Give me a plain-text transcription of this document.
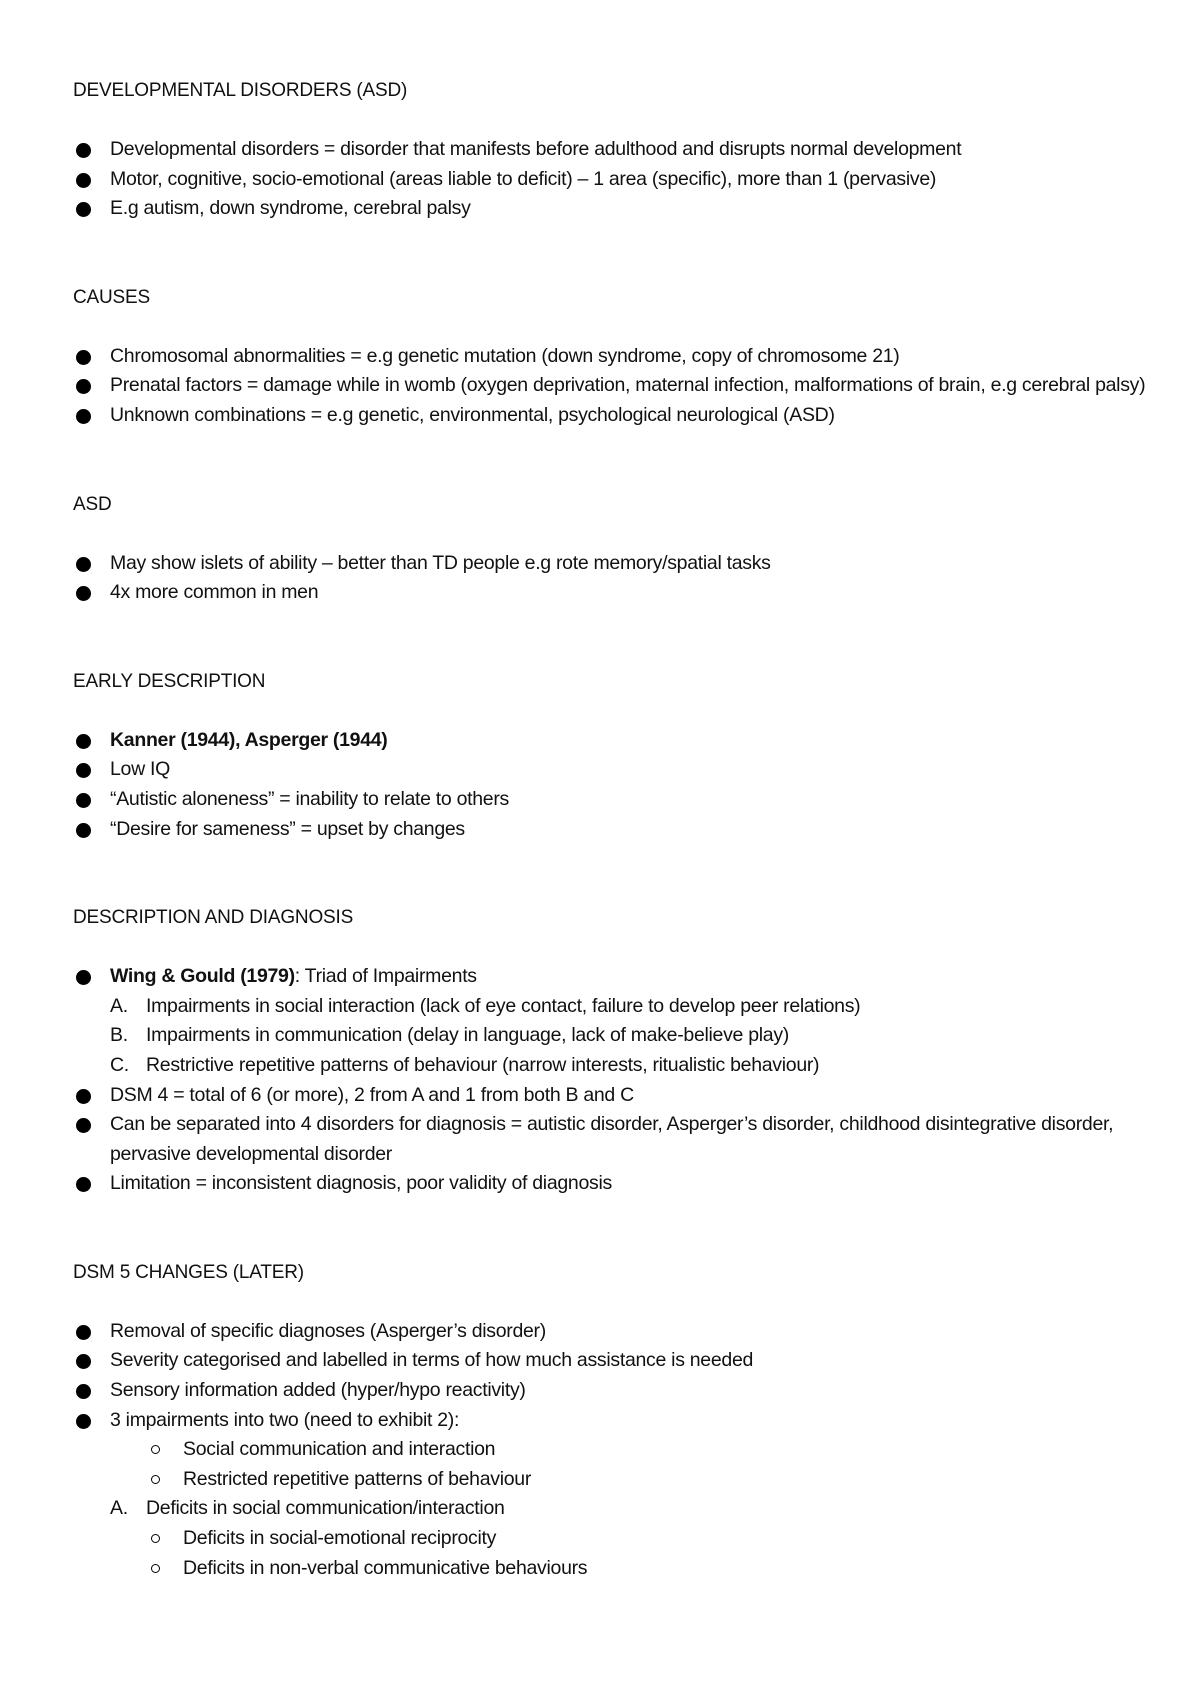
DEVELOPMENTAL DISORDERS (ASD)
Developmental disorders = disorder that manifests before adulthood and disrupts normal development
Motor, cognitive, socio-emotional (areas liable to deficit) – 1 area (specific), more than 1 (pervasive)
E.g autism, down syndrome, cerebral palsy
CAUSES
Chromosomal abnormalities = e.g genetic mutation (down syndrome, copy of chromosome 21)
Prenatal factors = damage while in womb (oxygen deprivation, maternal infection, malformations of brain, e.g cerebral palsy)
Unknown combinations = e.g genetic, environmental, psychological neurological (ASD)
ASD
May show islets of ability – better than TD people e.g rote memory/spatial tasks
4x more common in men
EARLY DESCRIPTION
Kanner (1944), Asperger (1944)
Low IQ
“Autistic aloneness” = inability to relate to others
“Desire for sameness” = upset by changes
DESCRIPTION AND DIAGNOSIS
Wing & Gould (1979): Triad of Impairments
A. Impairments in social interaction (lack of eye contact, failure to develop peer relations)
B. Impairments in communication (delay in language, lack of make-believe play)
C. Restrictive repetitive patterns of behaviour (narrow interests, ritualistic behaviour)
DSM 4 = total of 6 (or more), 2 from A and 1 from both B and C
Can be separated into 4 disorders for diagnosis = autistic disorder, Asperger’s disorder, childhood disintegrative disorder, pervasive developmental disorder
Limitation = inconsistent diagnosis, poor validity of diagnosis
DSM 5 CHANGES (LATER)
Removal of specific diagnoses (Asperger’s disorder)
Severity categorised and labelled in terms of how much assistance is needed
Sensory information added (hyper/hypo reactivity)
3 impairments into two (need to exhibit 2):
Social communication and interaction
Restricted repetitive patterns of behaviour
A. Deficits in social communication/interaction
Deficits in social-emotional reciprocity
Deficits in non-verbal communicative behaviours
